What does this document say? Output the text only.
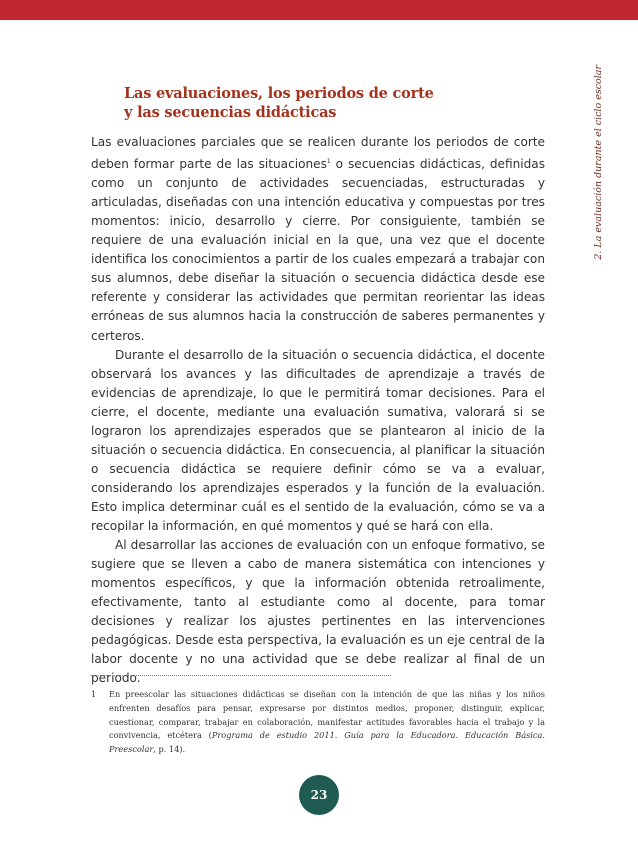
2. La evaluación durante el ciclo escolar
Las evaluaciones, los periodos de corte
y las secuencias didácticas

Las evaluaciones parciales que se realicen durante los periodos de corte deben formar parte de las situaciones$^1$ o secuencias didácticas, definidas como un conjunto de actividades secuenciadas, estructuradas y articuladas, diseñadas con una intención educativa y compuestas por tres momentos: inicio, desarrollo y cierre. Por consiguiente, también se requiere de una evaluación inicial en la que, una vez que el docente identifica los conocimientos a partir de los cuales empezará a trabajar con sus alumnos, debe diseñar la situación o secuencia didáctica desde ese referente y considerar las actividades que permitan reorientar las ideas erróneas de sus alumnos hacia la construcción de saberes permanentes y certeros.

Durante el desarrollo de la situación o secuencia didáctica, el docente observará los avances y las dificultades de aprendizaje a través de evidencias de aprendizaje, lo que le permitirá tomar decisiones. Para el cierre, el docente, mediante una evaluación sumativa, valorará si se lograron los aprendizajes esperados que se plantearon al inicio de la situación o secuencia didáctica. En consecuencia, al planificar la situación o secuencia didáctica se requiere definir cómo se va a evaluar, considerando los aprendizajes esperados y la función de la evaluación. Esto implica determinar cuál es el sentido de la evaluación, cómo se va a recopilar la información, en qué momentos y qué se hará con ella.

Al desarrollar las acciones de evaluación con un enfoque formativo, se sugiere que se lleven a cabo de manera sistemática con intenciones y momentos específicos, y que la información obtenida retroalimente, efectivamente, tanto al estudiante como al docente, para tomar decisiones y realizar los ajustes pertinentes en las intervenciones pedagógicas. Desde esta perspectiva, la evaluación es un eje central de la labor docente y no una actividad que se debe realizar al final de un periodo.

1	En preescolar las situaciones didácticas se diseñan con la intención de que las niñas y los niños enfrenten desafíos para pensar, expresarse por distintos medios, proponer, distinguir, explicar, cuestionar, comparar, trabajar en colaboración, manifestar actitudes favorables hacia el trabajo y la convivencia, etcétera (Programa de estudio 2011. Guía para la Educadora. Educación Básica. Preescolar, p. 14).
23
